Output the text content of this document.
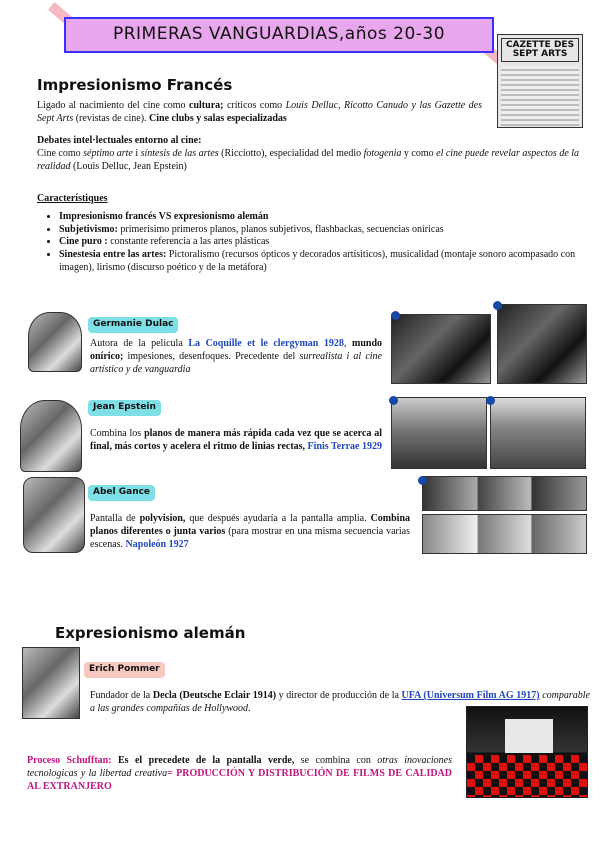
PRIMERAS VANGUARDIAS,años 20-30
CAZETTE DES SEPT ARTS
Impresionismo Francés
Ligado al nacimiento del cine como cultura; críticos como Louis Delluc, Ricotto Canudo y las Gazette des Sept Arts (revistas de cine). Cine clubs y salas especializadas
Debates intel·lectuales entorno al cine:
Cine como séptimo arte i síntesis de las artes (Ricciotto), especialidad del medio fotogenia y como el cine puede revelar aspectos de la realidad (Louis Delluc, Jean Epstein)
Característiques
• Impresionismo francés VS expresionismo alemán
• Subjetivismo: primerísimo primeros planos, planos subjetivos, flashbackas, secuencias oníricas
• Cine puro : constante referencia a las artes plásticas
• Sinestesia entre las artes: Pictoralismo (recursos ópticos y decorados artísiticos), musicalidad (montaje sonoro acompasado con imagen), lirismo (discurso poético y de la metáfora)
Germanie Dulac
Autora de la pelicula La Coquille et le clergyman 1928, mundo onírico; impesiones, desenfoques. Precedente del surrealista i al cine artístico y de vanguardia
Jean Epstein
Combina los planos de manera más rápida cada vez que se acerca al final, más cortos y acelera el ritmo de linias rectas, Finis Terrae 1929
Abel Gance
Pantalla de polyvision, que después ayudaría a la pantalla amplia. Combina planos diferentes o junta varios (para mostrar en una misma secuencia varias escenas. Napoleón 1927
Expresionismo alemán
Erich Pommer
Fundador de la Decla (Deutsche Eclair 1914) y director de producción de la UFA (Universum Film AG 1917) comparable a las grandes compañías de Hollywood.
Proceso Schufftan: Es el precedete de la pantalla verde, se combina con otras inovaciones tecnologicas y la libertad creativa= PRODUCCIÓN Y DISTRIBUCIÓN DE FILMS DE CALIDAD AL EXTRANJERO
